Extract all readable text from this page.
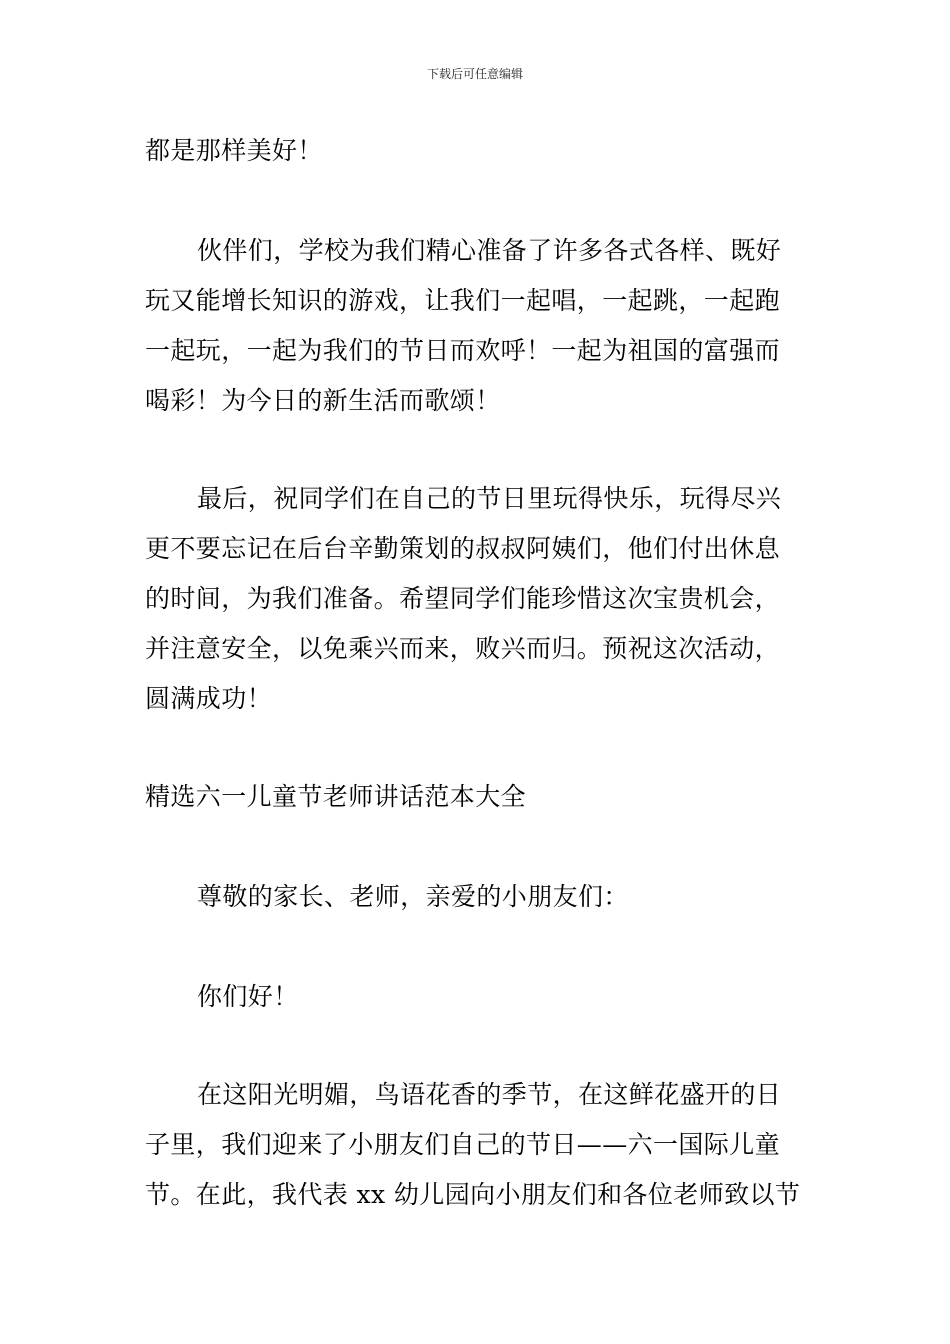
下载后可任意编辑
都是那样美好！
伙伴们，学校为我们精心准备了许多各式各样、既好
玩又能增长知识的游戏，让我们一起唱，一起跳，一起跑
一起玩，一起为我们的节日而欢呼！一起为祖国的富强而
喝彩！为今日的新生活而歌颂！
最后，祝同学们在自己的节日里玩得快乐，玩得尽兴
更不要忘记在后台辛勤策划的叔叔阿姨们，他们付出休息
的时间，为我们准备。希望同学们能珍惜这次宝贵机会，
并注意安全，以免乘兴而来，败兴而归。预祝这次活动，
圆满成功！
精选六一儿童节老师讲话范本大全
尊敬的家长、老师，亲爱的小朋友们：
你们好！
在这阳光明媚，鸟语花香的季节，在这鲜花盛开的日
子里，我们迎来了小朋友们自己的节日——六一国际儿童
节。在此，我代表 xx 幼儿园向小朋友们和各位老师致以节
